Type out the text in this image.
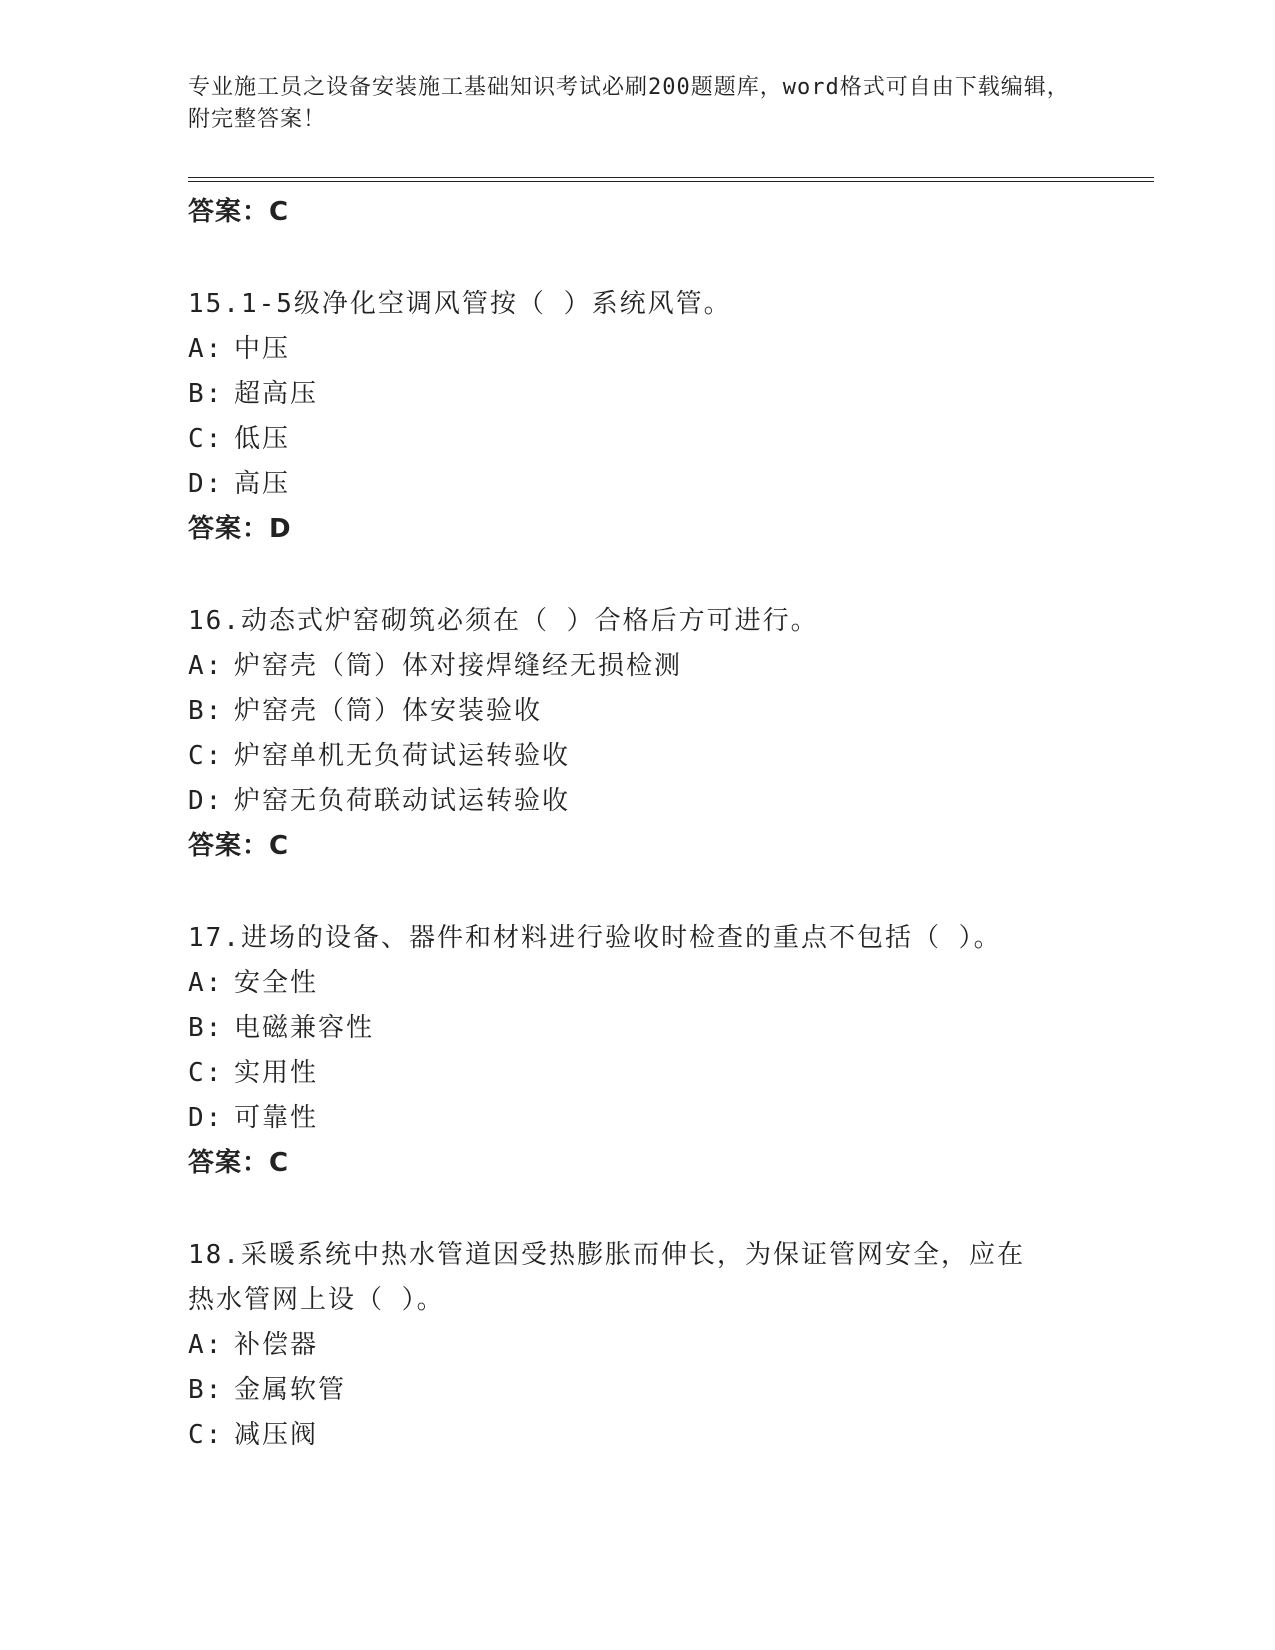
专业施工员之设备安装施工基础知识考试必刷200题题库，word格式可自由下载编辑，附完整答案！
答案：C
15.1-5级净化空调风管按（ ）系统风管。
A: 中压
B: 超高压
C: 低压
D: 高压
答案：D
16.动态式炉窑砌筑必须在（ ）合格后方可进行。
A: 炉窑壳（筒）体对接焊缝经无损检测
B: 炉窑壳（筒）体安装验收
C: 炉窑单机无负荷试运转验收
D: 炉窑无负荷联动试运转验收
答案：C
17.进场的设备、器件和材料进行验收时检查的重点不包括（ ）。
A: 安全性
B: 电磁兼容性
C: 实用性
D: 可靠性
答案：C
18.采暖系统中热水管道因受热膨胀而伸长，为保证管网安全，应在热水管网上设（ ）。
A: 补偿器
B: 金属软管
C: 减压阀
